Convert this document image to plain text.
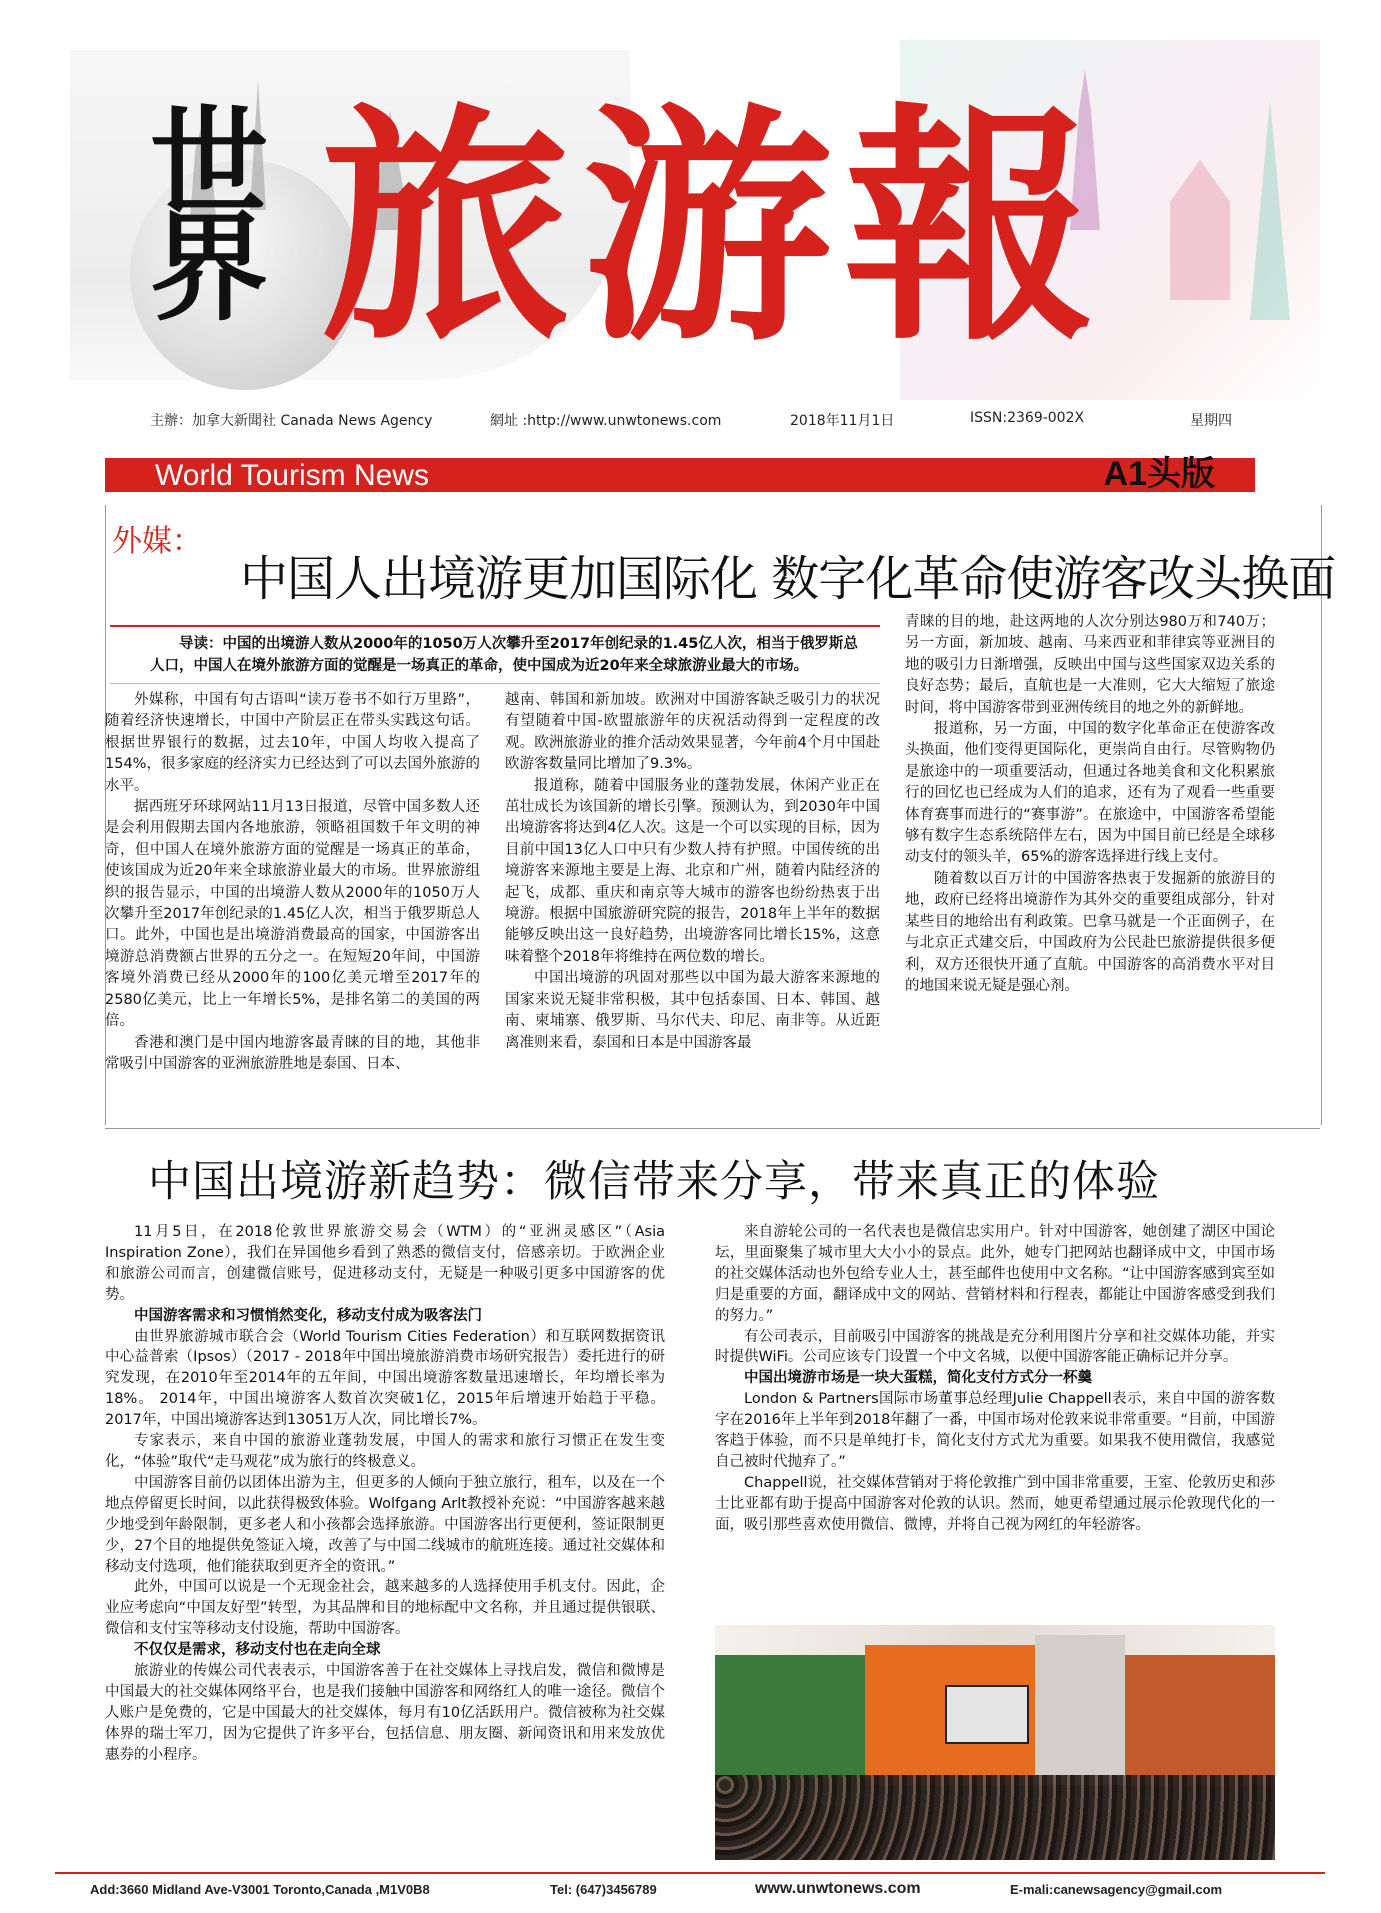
世界 旅游報
主辦：加拿大新聞社 Canada News Agency	網址 :http://www.unwtonews.com	2018年11月1日	ISSN:2369-002X	星期四
World Tourism News	A1头版
外媒：
中国人出境游更加国际化 数字化革命使游客改头换面

导读：中国的出境游人数从2000年的1050万人次攀升至2017年创纪录的1.45亿人次，相当于俄罗斯总人口，中国人在境外旅游方面的觉醒是一场真正的革命，使中国成为近20年来全球旅游业最大的市场。

外媒称，中国有句古语叫“读万卷书不如行万里路”，随着经济快速增长，中国中产阶层正在带头实践这句话。根据世界银行的数据，过去10年，中国人均收入提高了154%，很多家庭的经济实力已经达到了可以去国外旅游的水平。

据西班牙环球网站11月13日报道，尽管中国多数人还是会利用假期去国内各地旅游，领略祖国数千年文明的神奇，但中国人在境外旅游方面的觉醒是一场真正的革命，使该国成为近20年来全球旅游业最大的市场。世界旅游组织的报告显示，中国的出境游人数从2000年的1050万人次攀升至2017年创纪录的1.45亿人次，相当于俄罗斯总人口。此外，中国也是出境游消费最高的国家，中国游客出境游总消费额占世界的五分之一。在短短20年间，中国游客境外消费已经从2000年的100亿美元增至2017年的2580亿美元，比上一年增长5%，是排名第二的美国的两倍。

香港和澳门是中国内地游客最青睐的目的地，其他非常吸引中国游客的亚洲旅游胜地是泰国、日本、

越南、韩国和新加坡。欧洲对中国游客缺乏吸引力的状况有望随着中国-欧盟旅游年的庆祝活动得到一定程度的改观。欧洲旅游业的推介活动效果显著，今年前4个月中国赴欧游客数量同比增加了9.3%。

报道称，随着中国服务业的蓬勃发展，休闲产业正在茁壮成长为该国新的增长引擎。预测认为，到2030年中国出境游客将达到4亿人次。这是一个可以实现的目标，因为目前中国13亿人口中只有少数人持有护照。中国传统的出境游客来源地主要是上海、北京和广州，随着内陆经济的起飞，成都、重庆和南京等大城市的游客也纷纷热衷于出境游。根据中国旅游研究院的报告，2018年上半年的数据能够反映出这一良好趋势，出境游客同比增长15%，这意味着整个2018年将维持在两位数的增长。

中国出境游的巩固对那些以中国为最大游客来源地的国家来说无疑非常积极，其中包括泰国、日本、韩国、越南、柬埔寨、俄罗斯、马尔代夫、印尼、南非等。从近距离准则来看，泰国和日本是中国游客最

青睐的目的地，赴这两地的人次分别达980万和740万；另一方面，新加坡、越南、马来西亚和菲律宾等亚洲目的地的吸引力日渐增强，反映出中国与这些国家双边关系的良好态势；最后，直航也是一大准则，它大大缩短了旅途时间，将中国游客带到亚洲传统目的地之外的新鲜地。

报道称，另一方面，中国的数字化革命正在使游客改头换面，他们变得更国际化，更崇尚自由行。尽管购物仍是旅途中的一项重要活动，但通过各地美食和文化积累旅行的回忆也已经成为人们的追求，还有为了观看一些重要体育赛事而进行的“赛事游”。在旅途中，中国游客希望能够有数字生态系统陪伴左右，因为中国目前已经是全球移动支付的领头羊，65%的游客选择进行线上支付。

随着数以百万计的中国游客热衷于发掘新的旅游目的地，政府已经将出境游作为其外交的重要组成部分，针对某些目的地给出有利政策。巴拿马就是一个正面例子，在与北京正式建交后，中国政府为公民赴巴旅游提供很多便利，双方还很快开通了直航。中国游客的高消费水平对目的地国来说无疑是强心剂。

中国出境游新趋势：微信带来分享，带来真正的体验

11月5日，在2018伦敦世界旅游交易会（WTM）的“亚洲灵感区”（Asia Inspiration Zone），我们在异国他乡看到了熟悉的微信支付，倍感亲切。于欧洲企业和旅游公司而言，创建微信账号，促进移动支付，无疑是一种吸引更多中国游客的优势。

中国游客需求和习惯悄然变化，移动支付成为吸客法门

由世界旅游城市联合会（World Tourism Cities Federation）和互联网数据资讯中心益普索（Ipsos）（2017 - 2018年中国出境旅游消费市场研究报告）委托进行的研究发现，在2010年至2014年的五年间，中国出境游客数量迅速增长，年均增长率为18%。 2014年，中国出境游客人数首次突破1亿，2015年后增速开始趋于平稳。2017年，中国出境游客达到13051万人次，同比增长7%。

专家表示，来自中国的旅游业蓬勃发展，中国人的需求和旅行习惯正在发生变化，“体验”取代“走马观花”成为旅行的终极意义。

中国游客目前仍以团体出游为主，但更多的人倾向于独立旅行，租车，以及在一个地点停留更长时间，以此获得极致体验。Wolfgang Arlt教授补充说：“中国游客越来越少地受到年龄限制，更多老人和小孩都会选择旅游。中国游客出行更便利，签证限制更少，27个目的地提供免签证入境，改善了与中国二线城市的航班连接。通过社交媒体和移动支付选项，他们能获取到更齐全的资讯。”

此外，中国可以说是一个无现金社会，越来越多的人选择使用手机支付。因此，企业应考虑向“中国友好型”转型，为其品牌和目的地标配中文名称，并且通过提供银联、微信和支付宝等移动支付设施，帮助中国游客。

不仅仅是需求，移动支付也在走向全球

旅游业的传媒公司代表表示，中国游客善于在社交媒体上寻找启发，微信和微博是中国最大的社交媒体网络平台，也是我们接触中国游客和网络红人的唯一途径。微信个人账户是免费的，它是中国最大的社交媒体，每月有10亿活跃用户。微信被称为社交媒体界的瑞士军刀，因为它提供了许多平台，包括信息、朋友圈、新闻资讯和用来发放优惠券的小程序。

来自游轮公司的一名代表也是微信忠实用户。针对中国游客，她创建了湖区中国论坛，里面聚集了城市里大大小小的景点。此外，她专门把网站也翻译成中文，中国市场的社交媒体活动也外包给专业人士，甚至邮件也使用中文名称。“让中国游客感到宾至如归是重要的方面，翻译成中文的网站、营销材料和行程表，都能让中国游客感受到我们的努力。”

有公司表示，目前吸引中国游客的挑战是充分利用图片分享和社交媒体功能，并实时提供WiFi。公司应该专门设置一个中文名城，以便中国游客能正确标记并分享。

中国出境游市场是一块大蛋糕，简化支付方式分一杯羹

London & Partners国际市场董事总经理Julie Chappell表示，来自中国的游客数字在2016年上半年到2018年翻了一番，中国市场对伦敦来说非常重要。“目前，中国游客趋于体验，而不只是单纯打卡，简化支付方式尤为重要。如果我不使用微信，我感觉自己被时代抛弃了。”

Chappell说，社交媒体营销对于将伦敦推广到中国非常重要，王室、伦敦历史和莎士比亚都有助于提高中国游客对伦敦的认识。然而，她更希望通过展示伦敦现代化的一面，吸引那些喜欢使用微信、微博，并将自己视为网红的年轻游客。

Add:3660 Midland Ave-V3001 Toronto,Canada ,M1V0B8	Tel: (647)3456789	www.unwtonews.com	E-mali:canewsagency@gmail.com
